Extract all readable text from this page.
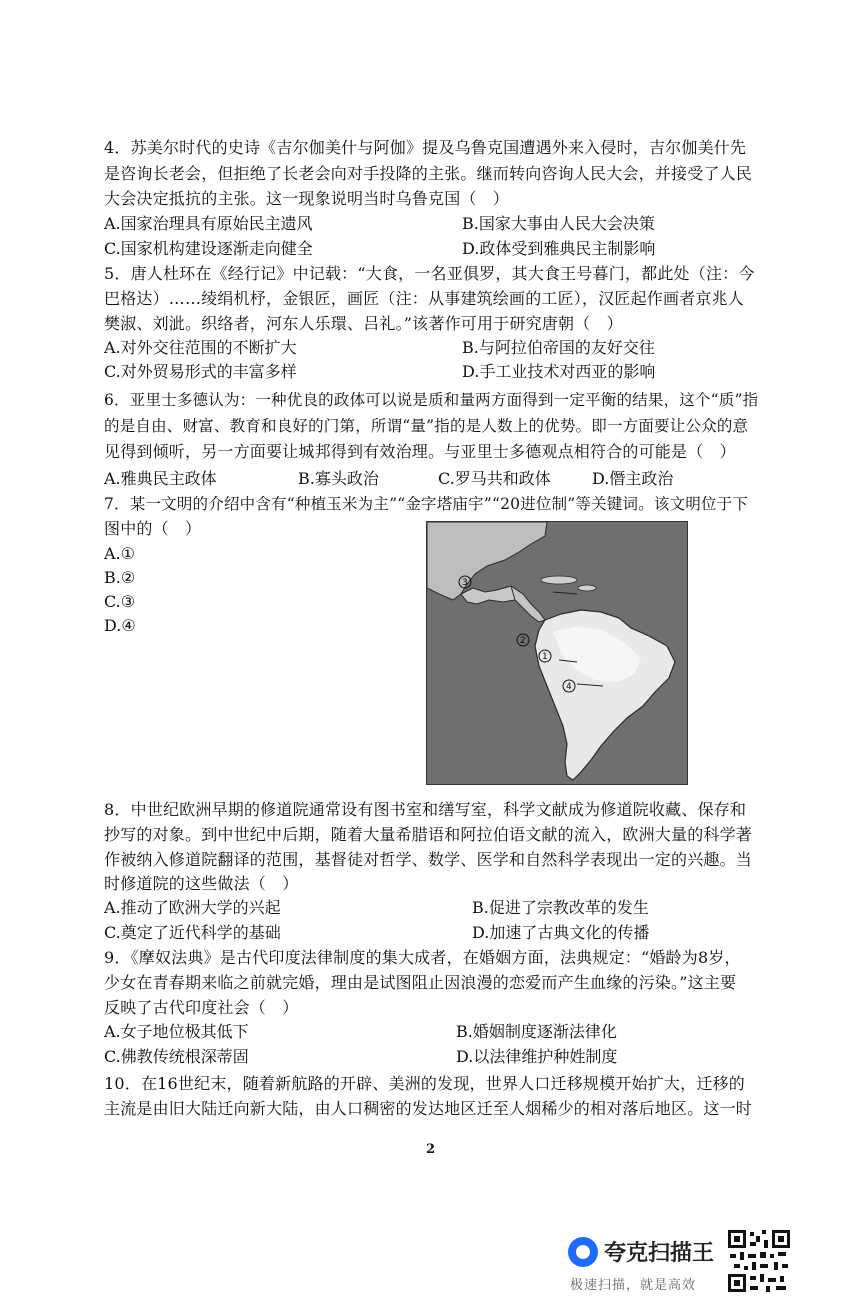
4．苏美尔时代的史诗《吉尔伽美什与阿伽》提及乌鲁克国遭遇外来入侵时，吉尔伽美什先
是咨询长老会，但拒绝了长老会向对手投降的主张。继而转向咨询人民大会，并接受了人民
大会决定抵抗的主张。这一现象说明当时乌鲁克国（　）
A.国家治理具有原始民主遗风	B.国家大事由人民大会决策
C.国家机构建设逐渐走向健全	D.政体受到雅典民主制影响
5．唐人杜环在《经行记》中记载：“大食，一名亚俱罗，其大食王号暮门，都此处（注：今
巴格达）……绫绢机杼，金银匠，画匠（注：从事建筑绘画的工匠），汉匠起作画者京兆人
樊淑、刘泚。织络者，河东人乐環、吕礼。”该著作可用于研究唐朝（　）
A.对外交往范围的不断扩大	B.与阿拉伯帝国的友好交往
C.对外贸易形式的丰富多样	D.手工业技术对西亚的影响
6．亚里士多德认为：一种优良的政体可以说是质和量两方面得到一定平衡的结果，这个“质”指
的是自由、财富、教育和良好的门第，所谓“量”指的是人数上的优势。即一方面要让公众的意
见得到倾听，另一方面要让城邦得到有效治理。与亚里士多德观点相符合的可能是（　）
A.雅典民主政体	B.寡头政治	C.罗马共和政体	D.僭主政治
7．某一文明的介绍中含有“种植玉米为主”“金字塔庙宇”“20进位制”等关键词。该文明位于下
图中的（　）
A.①
B.②
C.③
D.④
3
2
1
4
8．中世纪欧洲早期的修道院通常设有图书室和缮写室，科学文献成为修道院收藏、保存和
抄写的对象。到中世纪中后期，随着大量希腊语和阿拉伯语文献的流入，欧洲大量的科学著
作被纳入修道院翻译的范围，基督徒对哲学、数学、医学和自然科学表现出一定的兴趣。当
时修道院的这些做法（　）
A.推动了欧洲大学的兴起	B.促进了宗教改革的发生
C.奠定了近代科学的基础	D.加速了古典文化的传播
9．《摩奴法典》是古代印度法律制度的集大成者，在婚姻方面，法典规定：“婚龄为8岁，
少女在青春期来临之前就完婚，理由是试图阻止因浪漫的恋爱而产生血缘的污染。”这主要
反映了古代印度社会（　）
A.女子地位极其低下	B.婚姻制度逐渐法律化
C.佛教传统根深蒂固	D.以法律维护种姓制度
10．在16世纪末，随着新航路的开辟、美洲的发现，世界人口迁移规模开始扩大，迁移的
主流是由旧大陆迁向新大陆，由人口稠密的发达地区迁至人烟稀少的相对落后地区。这一时
2
夸克扫描王
极速扫描，就是高效
